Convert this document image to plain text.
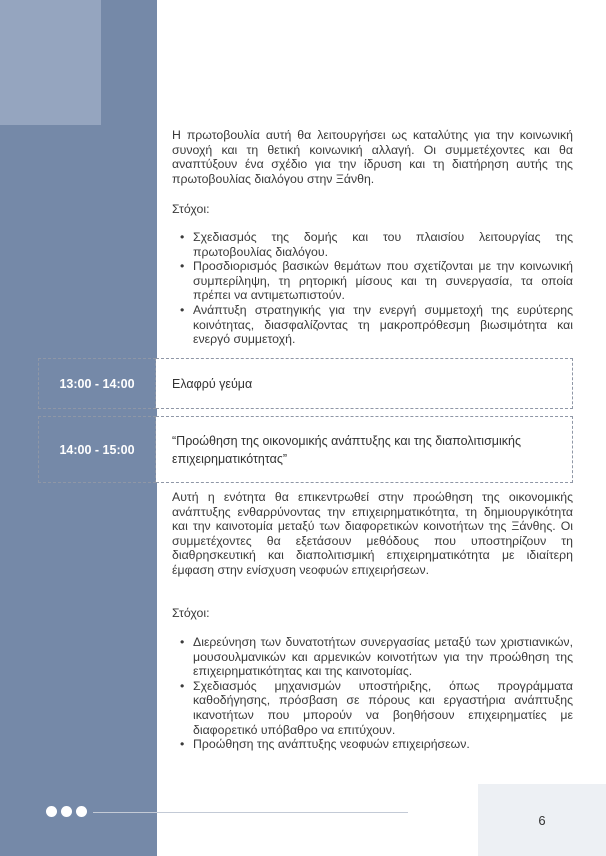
Η πρωτοβουλία αυτή θα λειτουργήσει ως καταλύτης για την κοινωνική συνοχή και τη θετική κοινωνική αλλαγή. Οι συμμετέχοντες και θα αναπτύξουν ένα σχέδιο για την ίδρυση και τη διατήρηση αυτής της πρωτοβουλίας διαλόγου στην Ξάνθη.

Στόχοι:
• Σχεδιασμός της δομής και του πλαισίου λειτουργίας της πρωτοβουλίας διαλόγου.
• Προσδιορισμός βασικών θεμάτων που σχετίζονται με την κοινωνική συμπερίληψη, τη ρητορική μίσους και τη συνεργασία, τα οποία πρέπει να αντιμετωπιστούν.
• Ανάπτυξη στρατηγικής για την ενεργή συμμετοχή της ευρύτερης κοινότητας, διασφαλίζοντας τη μακροπρόθεσμη βιωσιμότητα και ενεργό συμμετοχή.
13:00 - 14:00	Ελαφρύ γεύμα
14:00 - 15:00
“Προώθηση της οικονομικής ανάπτυξης και της διαπολιτισμικής επιχειρηματικότητας”

Αυτή η ενότητα θα επικεντρωθεί στην προώθηση της οικονομικής ανάπτυξης ενθαρρύνοντας την επιχειρηματικότητα, τη δημιουργικότητα και την καινοτομία μεταξύ των διαφορετικών κοινοτήτων της Ξάνθης. Οι συμμετέχοντες θα εξετάσουν μεθόδους που υποστηρίζουν τη διαθρησκευτική και διαπολιτισμική επιχειρηματικότητα με ιδιαίτερη έμφαση στην ενίσχυση νεοφυών επιχειρήσεων.

Στόχοι:
• Διερεύνηση των δυνατοτήτων συνεργασίας μεταξύ των χριστιανικών, μουσουλμανικών και αρμενικών κοινοτήτων για την προώθηση της επιχειρηματικότητας και της καινοτομίας.
• Σχεδιασμός μηχανισμών υποστήριξης, όπως προγράμματα καθοδήγησης, πρόσβαση σε πόρους και εργαστήρια ανάπτυξης ικανοτήτων που μπορούν να βοηθήσουν επιχειρηματίες με διαφορετικό υπόβαθρο να επιτύχουν.
• Προώθηση της ανάπτυξης νεοφυών επιχειρήσεων.
6
